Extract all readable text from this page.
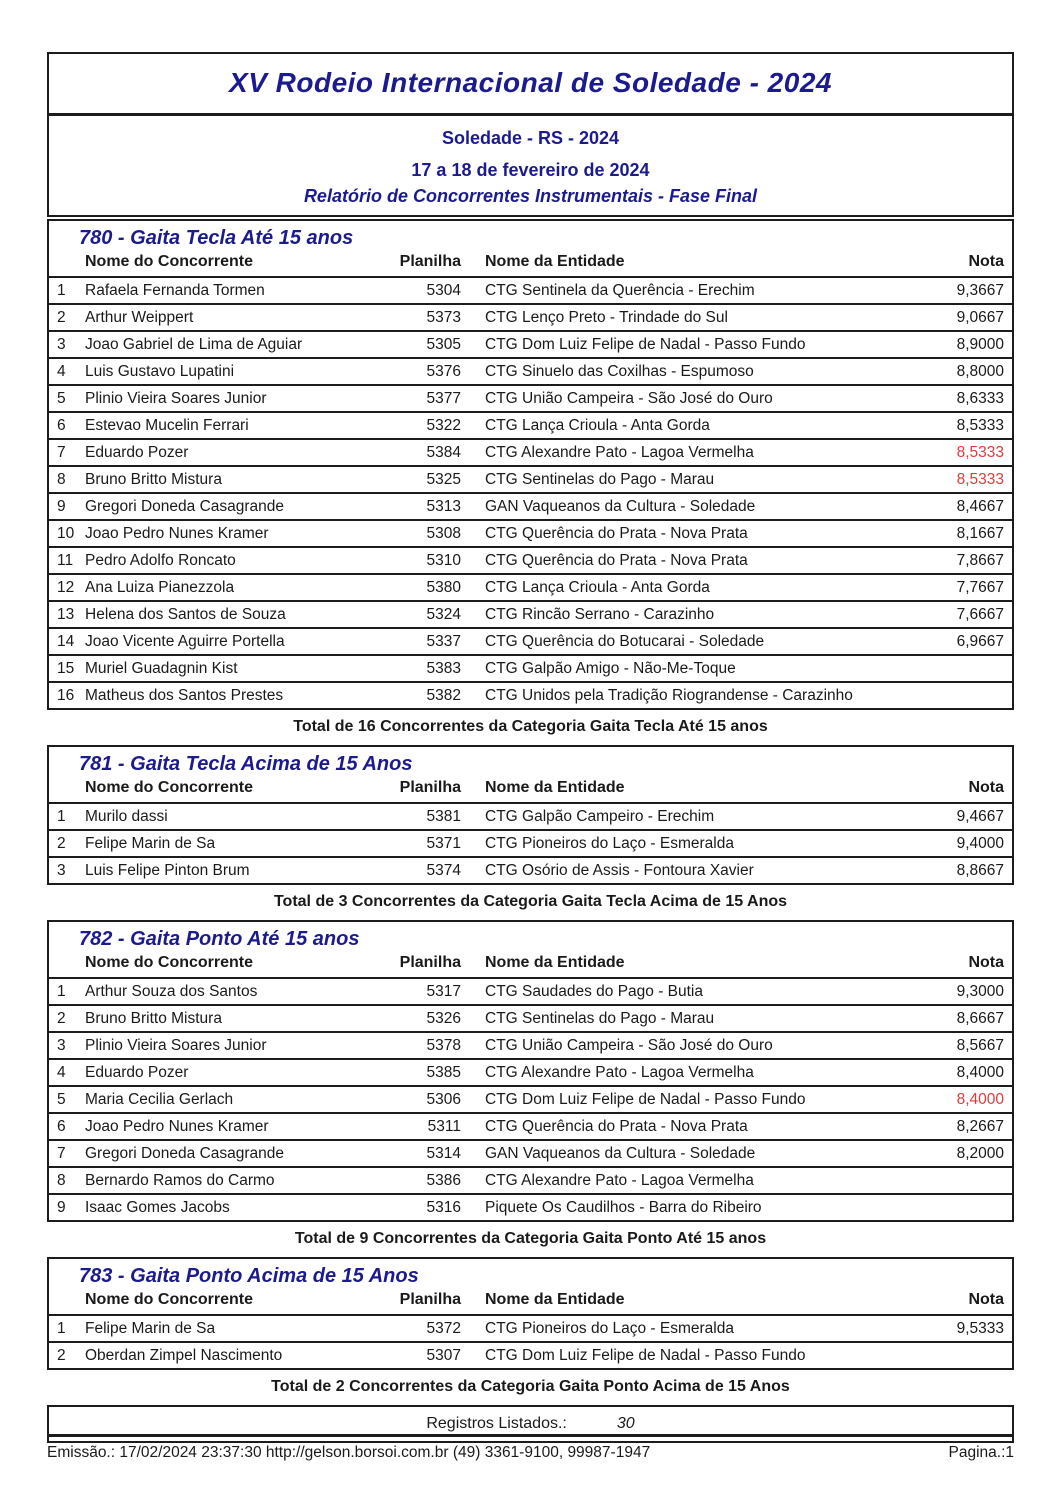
XV Rodeio Internacional de Soledade - 2024
Soledade - RS - 2024
17 a 18 de fevereiro de 2024
Relatório de Concorrentes Instrumentais - Fase Final
780 - Gaita Tecla Até 15 anos
Nome do Concorrente	Planilha	Nome da Entidade	Nota
1	Rafaela Fernanda Tormen	5304	CTG Sentinela da Querência - Erechim	9,3667
2	Arthur Weippert	5373	CTG Lenço Preto - Trindade do Sul	9,0667
3	Joao Gabriel de Lima de Aguiar	5305	CTG Dom Luiz Felipe de Nadal - Passo Fundo	8,9000
4	Luis Gustavo Lupatini	5376	CTG Sinuelo das Coxilhas - Espumoso	8,8000
5	Plinio Vieira Soares Junior	5377	CTG União Campeira - São José do Ouro	8,6333
6	Estevao Mucelin Ferrari	5322	CTG Lança Crioula - Anta Gorda	8,5333
7	Eduardo Pozer	5384	CTG Alexandre Pato - Lagoa Vermelha	8,5333
8	Bruno Britto Mistura	5325	CTG Sentinelas do Pago - Marau	8,5333
9	Gregori Doneda Casagrande	5313	GAN Vaqueanos da Cultura - Soledade	8,4667
10 Joao Pedro Nunes Kramer	5308	CTG Querência do Prata - Nova Prata	8,1667
11 Pedro Adolfo Roncato	5310	CTG Querência do Prata - Nova Prata	7,8667
12 Ana Luiza Pianezzola	5380	CTG Lança Crioula - Anta Gorda	7,7667
13 Helena dos Santos de Souza	5324	CTG Rincão Serrano - Carazinho	7,6667
14 Joao Vicente Aguirre Portella	5337	CTG Querência do Botucarai - Soledade	6,9667
15 Muriel Guadagnin Kist	5383	CTG Galpão Amigo - Não-Me-Toque
16 Matheus dos Santos Prestes	5382	CTG Unidos pela Tradição Riograndense - Carazinho
Total de 16 Concorrentes da Categoria Gaita Tecla Até 15 anos
781 - Gaita Tecla Acima de 15 Anos
Nome do Concorrente	Planilha	Nome da Entidade	Nota
1	Murilo dassi	5381	CTG Galpão Campeiro - Erechim	9,4667
2	Felipe Marin de Sa	5371	CTG Pioneiros do Laço - Esmeralda	9,4000
3	Luis Felipe Pinton Brum	5374	CTG Osório de Assis - Fontoura Xavier	8,8667
Total de 3 Concorrentes da Categoria Gaita Tecla Acima de 15 Anos
782 - Gaita Ponto Até 15 anos
Nome do Concorrente	Planilha	Nome da Entidade	Nota
1	Arthur Souza dos Santos	5317	CTG Saudades do Pago - Butia	9,3000
2	Bruno Britto Mistura	5326	CTG Sentinelas do Pago - Marau	8,6667
3	Plinio Vieira Soares Junior	5378	CTG União Campeira - São José do Ouro	8,5667
4	Eduardo Pozer	5385	CTG Alexandre Pato - Lagoa Vermelha	8,4000
5	Maria Cecilia Gerlach	5306	CTG Dom Luiz Felipe de Nadal - Passo Fundo	8,4000
6	Joao Pedro Nunes Kramer	5311	CTG Querência do Prata - Nova Prata	8,2667
7	Gregori Doneda Casagrande	5314	GAN Vaqueanos da Cultura - Soledade	8,2000
8	Bernardo Ramos do Carmo	5386	CTG Alexandre Pato - Lagoa Vermelha
9	Isaac Gomes Jacobs	5316	Piquete Os Caudilhos - Barra do Ribeiro
Total de 9 Concorrentes da Categoria Gaita Ponto Até 15 anos
783 - Gaita Ponto Acima de 15 Anos
Nome do Concorrente	Planilha	Nome da Entidade	Nota
1	Felipe Marin de Sa	5372	CTG Pioneiros do Laço - Esmeralda	9,5333
2	Oberdan Zimpel Nascimento	5307	CTG Dom Luiz Felipe de Nadal - Passo Fundo
Total de 2 Concorrentes da Categoria Gaita Ponto Acima de 15 Anos
Registros Listados.:	30
Emissão.: 17/02/2024 23:37:30 http://gelson.borsoi.com.br (49) 3361-9100, 99987-1947	Pagina.:1
